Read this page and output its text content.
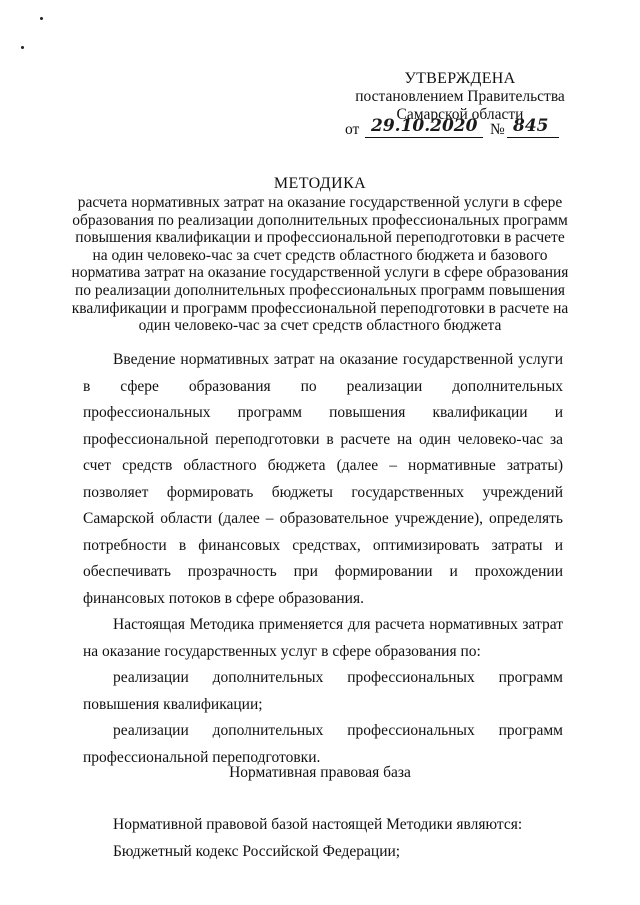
УТВЕРЖДЕНА
постановлением Правительства
Самарской области
от 29.10.2020 № 845
МЕТОДИКА
расчета нормативных затрат на оказание государственной услуги в сфере
образования по реализации дополнительных профессиональных программ
повышения квалификации и профессиональной переподготовки в расчете
на один человеко-час за счет средств областного бюджета и базового
норматива затрат на оказание государственной услуги в сфере образования
по реализации дополнительных профессиональных программ повышения
квалификации и программ профессиональной переподготовки в расчете на
один человеко-час за счет средств областного бюджета

Введение нормативных затрат на оказание государственной услуги в сфере образования по реализации дополнительных профессиональных программ повышения квалификации и профессиональной переподготовки в расчете на один человеко-час за счет средств областного бюджета (далее – нормативные затраты) позволяет формировать бюджеты государственных учреждений Самарской области (далее – образовательное учреждение), определять потребности в финансовых средствах, оптимизировать затраты и обеспечивать прозрачность при формировании и прохождении финансовых потоков в сфере образования.

Настоящая Методика применяется для расчета нормативных затрат на оказание государственных услуг в сфере образования по:

реализации дополнительных профессиональных программ повышения квалификации;

реализации дополнительных профессиональных программ профессиональной переподготовки.

Нормативная правовая база

Нормативной правовой базой настоящей Методики являются:

Бюджетный кодекс Российской Федерации;
